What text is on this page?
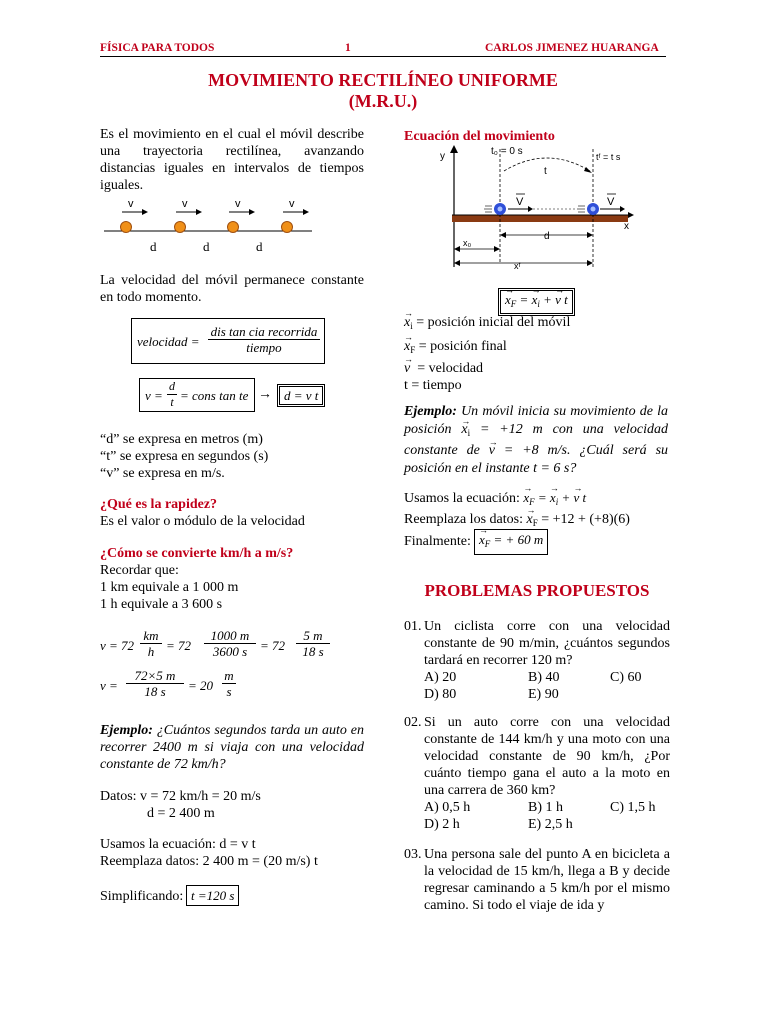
FÍSICA PARA TODOS	1	CARLOS JIMENEZ HUARANGA
MOVIMIENTO RECTILÍNEO UNIFORME
(M.R.U.)
Es el movimiento en el cual el móvil describe una trayectoria rectilínea, avanzando distancias iguales en intervalos de tiempos iguales.
v	v	v	v
d	d	d
La velocidad del móvil permanece constante en todo momento.
velocidad =
dis tan cia recorrida
tiempo
$v = \frac{d}{t}$ = cons tan te → d = v t
“d” se expresa en metros (m)
“t” se expresa en segundos (s)
“v” se expresa en m/s.
¿Qué es la rapidez?
Es el valor o módulo de la velocidad
¿Cómo se convierte km/h a m/s?
Recordar que:
1 km equivale a 1 000 m
1 h equivale a 3 600 s
$v = 72 \frac{km}{h} = 72 \frac{1000 m}{3600 s} = 72 \frac{5 m}{18 s}$
$v = \frac{72\times 5 m}{18 s} = 20 \frac{m}{s}$
Ejemplo: ¿Cuántos segundos tarda un auto en recorrer 2400 m si viaja con una velocidad constante de 72 km/h?
Datos: v = 72 km/h = 20 m/s
d = 2 400 m
Usamos la ecuación: d = v t
Reemplaza datos: 2 400 m = (20 m/s) t
Simplificando: t =120 s
Ecuación del movimiento
y
x
t₀ = 0 s	tᶠ = t s
t
V	V
d
x₀
xᶠ
→ $x_F$ = → $x_i$ + → v t
→ $x_i$ = posición inicial del móvil
→ $x_F$ = posición final
→ v = velocidad
t = tiempo
Ejemplo: Un móvil inicia su movimiento de la posición → $x_i = +12$ m con una velocidad constante de → v = +8 m/s. ¿Cuál será su posición en el instante t = 6 s?
Usamos la ecuación: → $x_F$ = → $x_i$ + → v t
Reemplaza los datos: → $x_F = +12 + (+8)(6)$
Finalmente: → $x_F$ = + 60 m
PROBLEMAS PROPUESTOS
01. Un ciclista corre con una velocidad constante de 90 m/min, ¿cuántos segundos tardará en recorrer 120 m?
A) 20	B) 40	C) 60
D) 80	E) 90
02. Si un auto corre con una velocidad constante de 144 km/h y una moto con una velocidad constante de 90 km/h, ¿Por cuánto tiempo gana el auto a la moto en una carrera de 360 km?
A) 0,5 h	B) 1 h	C) 1,5 h
D) 2 h	E) 2,5 h
03. Una persona sale del punto A en bicicleta a la velocidad de 15 km/h, llega a B y decide regresar caminando a 5 km/h por el mismo camino. Si todo el viaje de ida y
